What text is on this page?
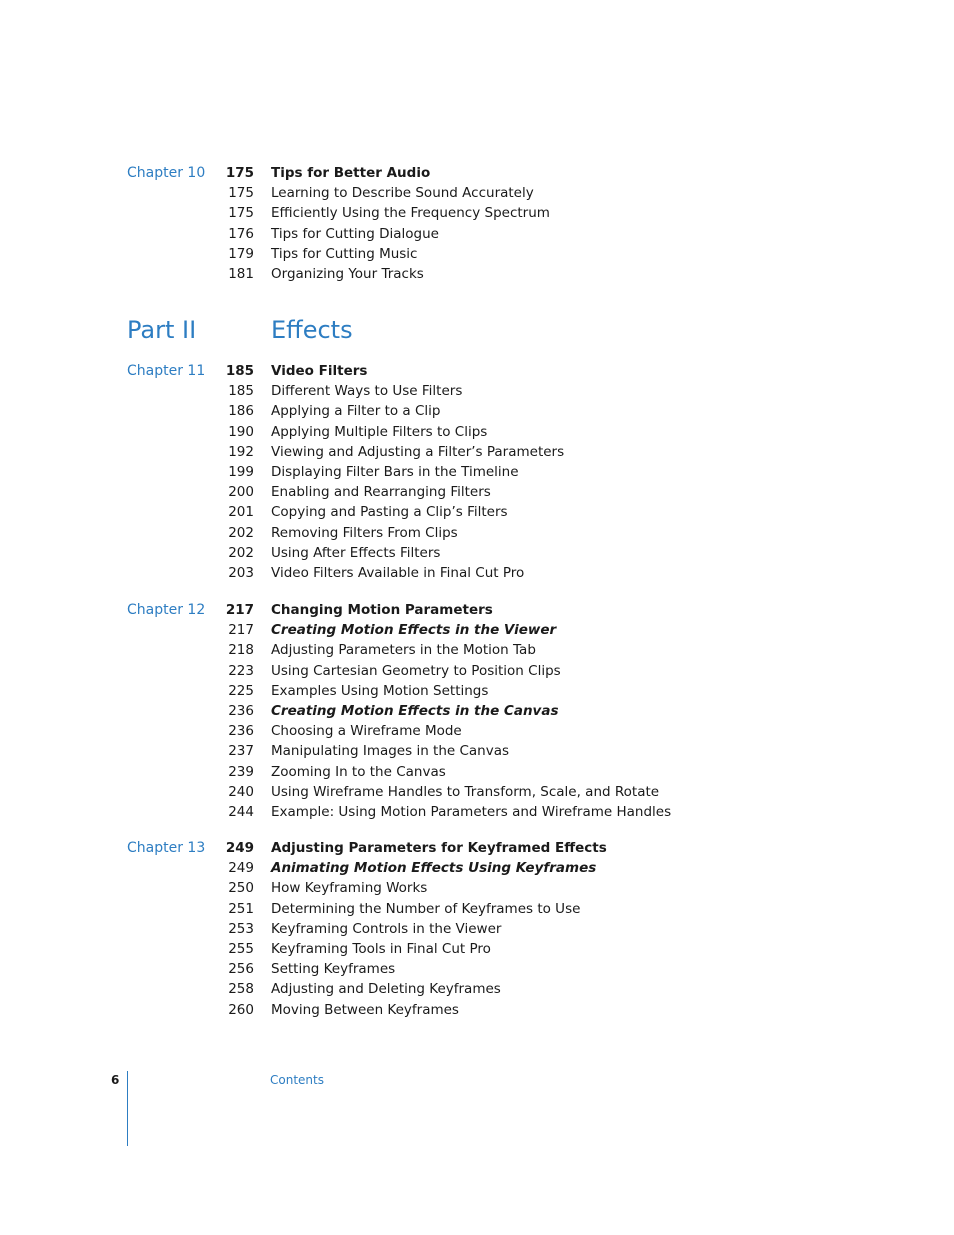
Chapter 10 175 Tips for Better Audio
175 Learning to Describe Sound Accurately
175 Efficiently Using the Frequency Spectrum
176 Tips for Cutting Dialogue
179 Tips for Cutting Music
181 Organizing Your Tracks
Part II	Effects
Chapter 11 185 Video Filters
185 Different Ways to Use Filters
186 Applying a Filter to a Clip
190 Applying Multiple Filters to Clips
192 Viewing and Adjusting a Filter’s Parameters
199 Displaying Filter Bars in the Timeline
200 Enabling and Rearranging Filters
201 Copying and Pasting a Clip’s Filters
202 Removing Filters From Clips
202 Using After Effects Filters
203 Video Filters Available in Final Cut Pro
Chapter 12 217 Changing Motion Parameters
217 Creating Motion Effects in the Viewer
218 Adjusting Parameters in the Motion Tab
223 Using Cartesian Geometry to Position Clips
225 Examples Using Motion Settings
236 Creating Motion Effects in the Canvas
236 Choosing a Wireframe Mode
237 Manipulating Images in the Canvas
239 Zooming In to the Canvas
240 Using Wireframe Handles to Transform, Scale, and Rotate
244 Example: Using Motion Parameters and Wireframe Handles
Chapter 13 249 Adjusting Parameters for Keyframed Effects
249 Animating Motion Effects Using Keyframes
250 How Keyframing Works
251 Determining the Number of Keyframes to Use
253 Keyframing Controls in the Viewer
255 Keyframing Tools in Final Cut Pro
256 Setting Keyframes
258 Adjusting and Deleting Keyframes
260 Moving Between Keyframes
6	Contents
